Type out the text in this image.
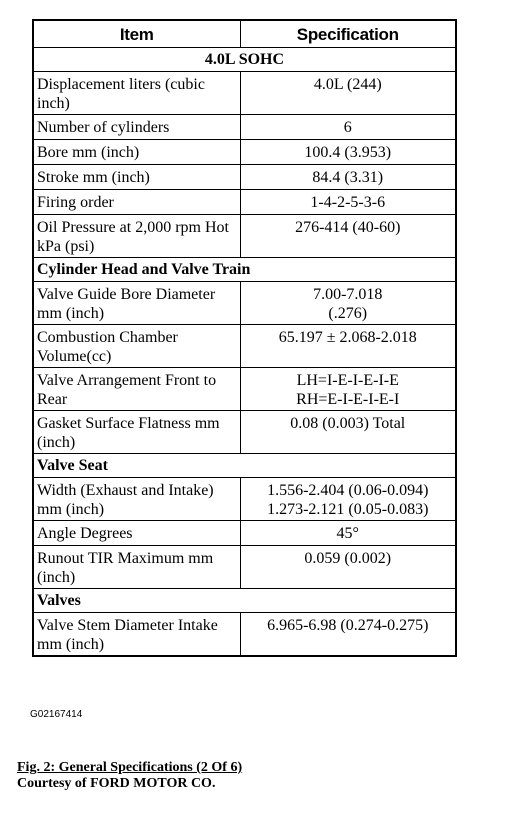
Item	Specification
4.0L SOHC	
Displacement liters (cubic inch)	4.0L (244)
Number of cylinders	6
Bore mm (inch)	100.4 (3.953)
Stroke mm (inch)	84.4 (3.31)
Firing order	1-4-2-5-3-6
Oil Pressure at 2,000 rpm Hot kPa (psi)	276-414 (40-60)
Cylinder Head and Valve Train	
Valve Guide Bore Diameter mm (inch)	7.00-7.018
(.276)

Combustion Chamber Volume(cc)	65.197 ± 2.068-2.018
Valve Arrangement Front to Rear	LH=I-E-I-E-I-E
RH=E-I-E-I-E-I

Gasket Surface Flatness mm (inch)	0.08 (0.003) Total
Valve Seat	
Width (Exhaust and Intake) mm (inch)	1.556-2.404 (0.06-0.094)
1.273-2.121 (0.05-0.083)

Angle Degrees	45°
Runout TIR Maximum mm (inch)	0.059 (0.002)
Valves	
Valve Stem Diameter Intake mm (inch)	6.965-6.98 (0.274-0.275)
G02167414
Fig. 2: General Specifications (2 Of 6)
Courtesy of FORD MOTOR CO.
